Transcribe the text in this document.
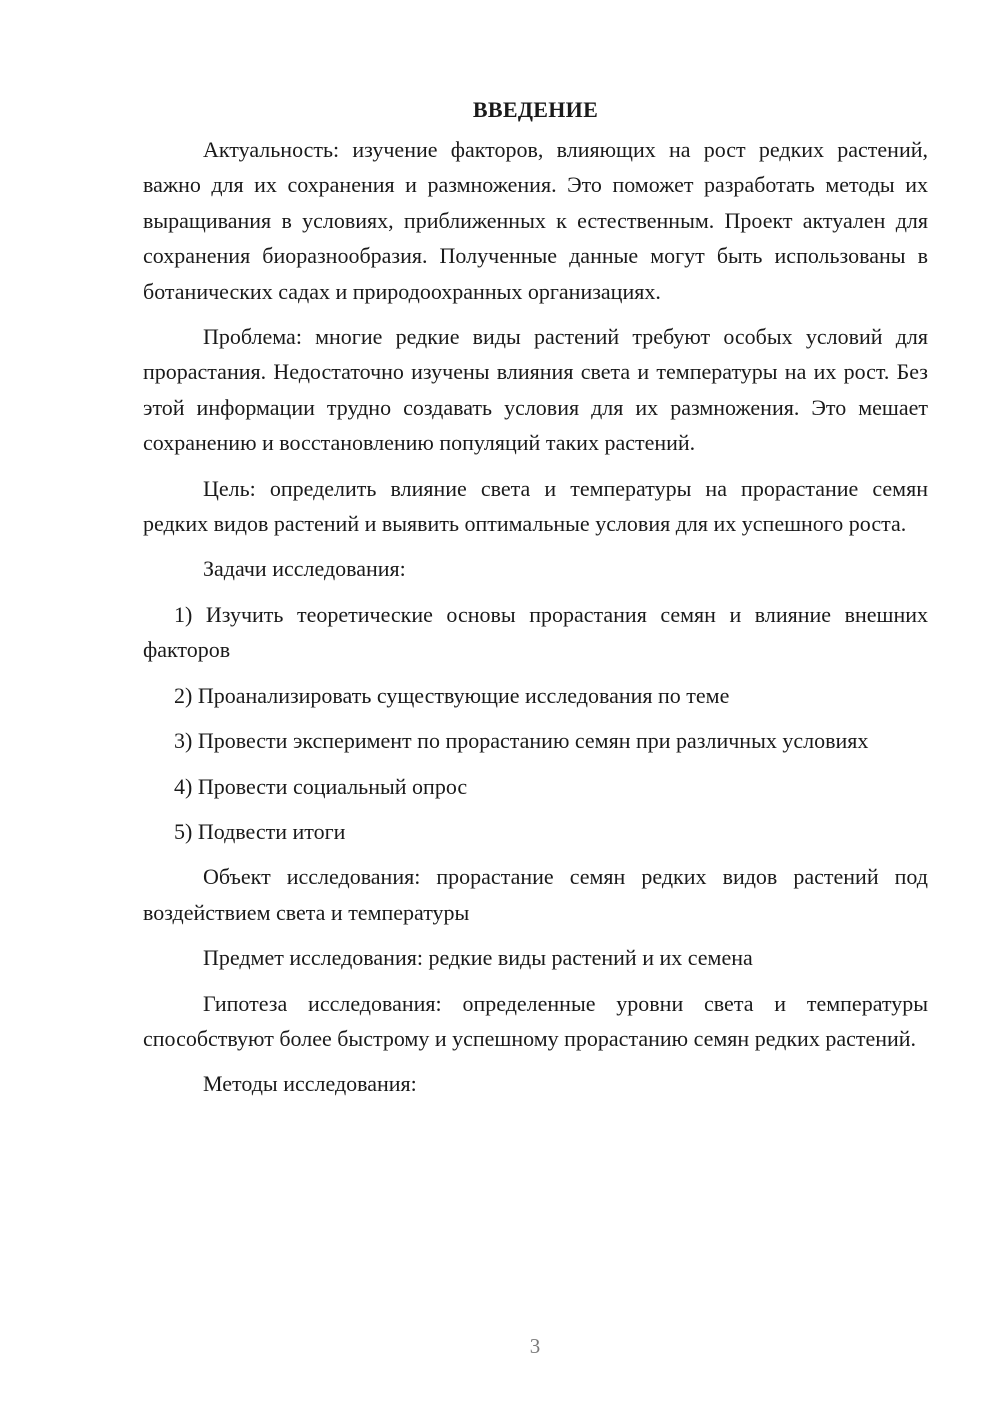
ВВЕДЕНИЕ

Актуальность: изучение факторов, влияющих на рост редких растений, важно для их сохранения и размножения. Это поможет разработать методы их выращивания в условиях, приближенных к естественным. Проект актуален для сохранения биоразнообразия. Полученные данные могут быть использованы в ботанических садах и природоохранных организациях.

Проблема: многие редкие виды растений требуют особых условий для прорастания. Недостаточно изучены влияния света и температуры на их рост. Без этой информации трудно создавать условия для их размножения. Это мешает сохранению и восстановлению популяций таких растений.

Цель: определить влияние света и температуры на прорастание семян редких видов растений и выявить оптимальные условия для их успешного роста.

Задачи исследования:

1) Изучить теоретические основы прорастания семян и влияние внешних факторов

2) Проанализировать существующие исследования по теме

3) Провести эксперимент по прорастанию семян при различных условиях

4) Провести социальный опрос

5) Подвести итоги

Объект исследования: прорастание семян редких видов растений под воздействием света и температуры

Предмет исследования: редкие виды растений и их семена

Гипотеза исследования: определенные уровни света и температуры способствуют более быстрому и успешному прорастанию семян редких растений.

Методы исследования:

3
